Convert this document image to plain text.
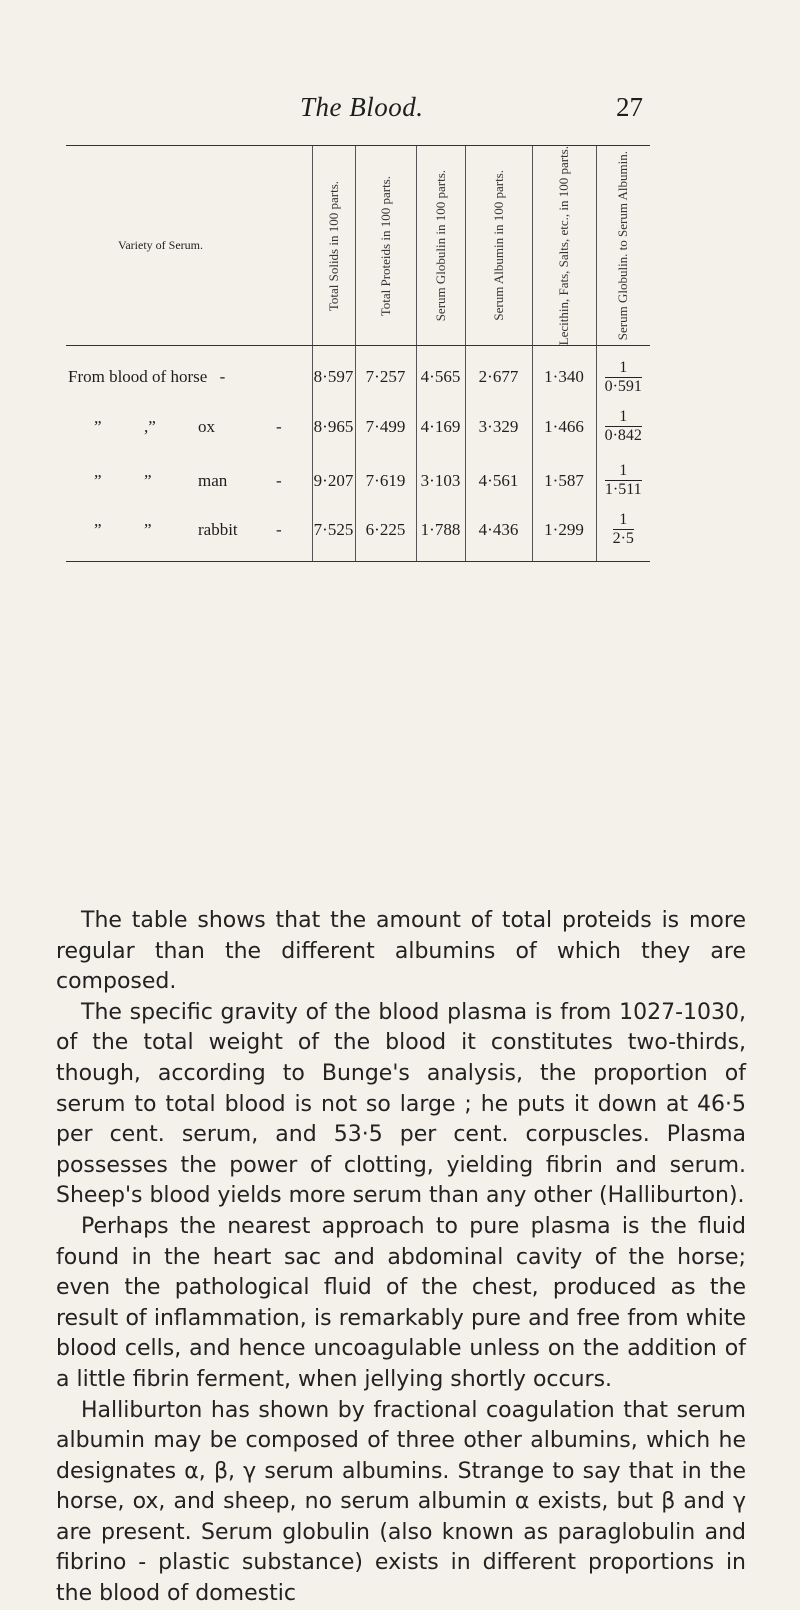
The Blood.	27
Variety of Serum.	Total Solids in 100 parts.	Total Proteids in 100 parts.	Serum Globulin in 100 parts.	Serum Albumin in 100 parts.	Lecithin, Fats, Salts, etc., in 100 parts.	Serum Globulin. to Serum Albumin.

From blood of horse -	8·597	7·257	4·565	2·677	1·340	$\frac{1}{0\cdot 591}$

” ,” ox -	8·965	7·499	4·169	3·329	1·466	$\frac{1}{0\cdot 842}$

” ” man -	9·207	7·619	3·103	4·561	1·587	$\frac{1}{1\cdot 511}$

” ” rabbit -	7·525	6·225	1·788	4·436	1·299	$\frac{1}{2\cdot 5}$

The table shows that the amount of total proteids is more regular than the different albumins of which they are composed.

The specific gravity of the blood plasma is from 1027-1030, of the total weight of the blood it constitutes two-thirds, though, according to Bunge's analysis, the proportion of serum to total blood is not so large ; he puts it down at 46·5 per cent. serum, and 53·5 per cent. corpuscles. Plasma possesses the power of clotting, yielding fibrin and serum. Sheep's blood yields more serum than any other (Halliburton).

Perhaps the nearest approach to pure plasma is the fluid found in the heart sac and abdominal cavity of the horse; even the pathological fluid of the chest, produced as the result of inflammation, is remarkably pure and free from white blood cells, and hence uncoagulable unless on the addition of a little fibrin ferment, when jellying shortly occurs.

Halliburton has shown by fractional coagulation that serum albumin may be composed of three other albumins, which he designates α, β, γ serum albumins. Strange to say that in the horse, ox, and sheep, no serum albumin α exists, but β and γ are present. Serum globulin (also known as paraglobulin and fibrino - plastic substance) exists in different proportions in the blood of domestic
